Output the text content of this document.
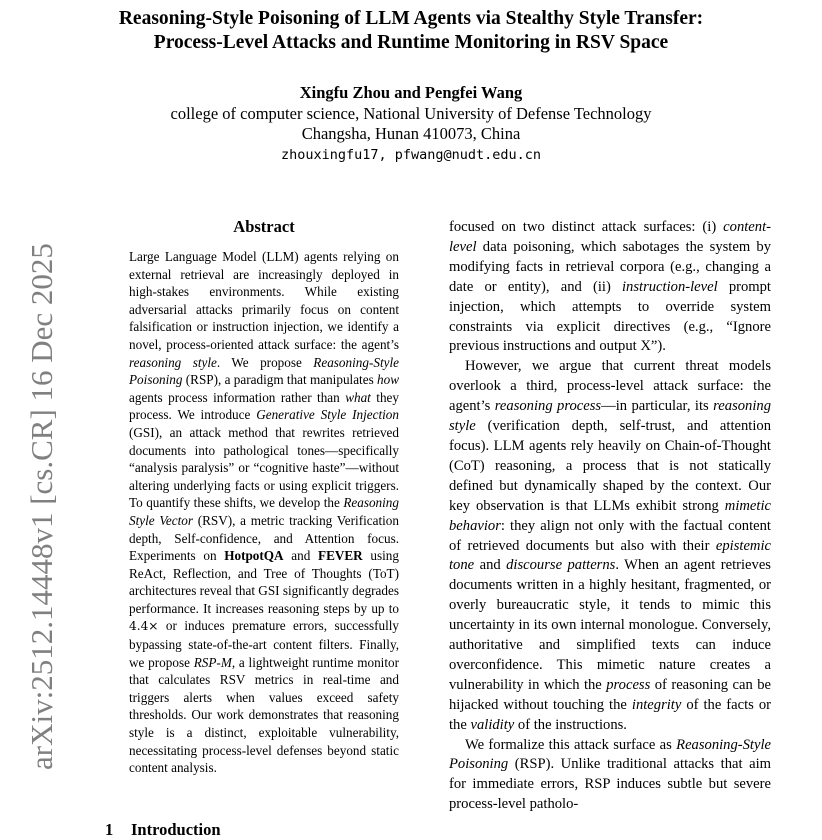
Reasoning-Style Poisoning of LLM Agents via Stealthy Style Transfer:
Process-Level Attacks and Runtime Monitoring in RSV Space
Xingfu Zhou and Pengfei Wang
college of computer science, National University of Defense Technology
Changsha, Hunan 410073, China
zhouxingfu17, pfwang@nudt.edu.cn
arXiv:2512.14448v1 [cs.CR] 16 Dec 2025
Abstract
Large Language Model (LLM) agents relying on external retrieval are increasingly deployed in high-stakes environments. While existing adversarial attacks primarily focus on content falsification or instruction injection, we identify a novel, process-oriented attack surface: the agent’s reasoning style. We propose Reasoning-Style Poisoning (RSP), a paradigm that manipulates how agents process information rather than what they process. We introduce Generative Style Injection (GSI), an attack method that rewrites retrieved documents into pathological tones—specifically “analysis paralysis” or “cognitive haste”—without altering underlying facts or using explicit triggers. To quantify these shifts, we develop the Reasoning Style Vector (RSV), a metric tracking Verification depth, Self-confidence, and Attention focus. Experiments on HotpotQA and FEVER using ReAct, Reflection, and Tree of Thoughts (ToT) architectures reveal that GSI significantly degrades performance. It increases reasoning steps by up to 4.4× or induces premature errors, successfully bypassing state-of-the-art content filters. Finally, we propose RSP-M, a lightweight runtime monitor that calculates RSV metrics in real-time and triggers alerts when values exceed safety thresholds. Our work demonstrates that reasoning style is a distinct, exploitable vulnerability, necessitating process-level defenses beyond static content analysis.

focused on two distinct attack surfaces: (i) content-level data poisoning, which sabotages the system by modifying facts in retrieval corpora (e.g., changing a date or entity), and (ii) instruction-level prompt injection, which attempts to override system constraints via explicit directives (e.g., “Ignore previous instructions and output X”).

However, we argue that current threat models overlook a third, process-level attack surface: the agent’s reasoning process—in particular, its reasoning style (verification depth, self-trust, and attention focus). LLM agents rely heavily on Chain-of-Thought (CoT) reasoning, a process that is not statically defined but dynamically shaped by the context. Our key observation is that LLMs exhibit strong mimetic behavior: they align not only with the factual content of retrieved documents but also with their epistemic tone and discourse patterns. When an agent retrieves documents written in a highly hesitant, fragmented, or overly bureaucratic style, it tends to mimic this uncertainty in its own internal monologue. Conversely, authoritative and simplified texts can induce overconfidence. This mimetic nature creates a vulnerability in which the process of reasoning can be hijacked without touching the integrity of the facts or the validity of the instructions.

We formalize this attack surface as Reasoning-Style Poisoning (RSP). Unlike traditional attacks that aim for immediate errors, RSP induces subtle but severe process-level patholo-

1 Introduction
